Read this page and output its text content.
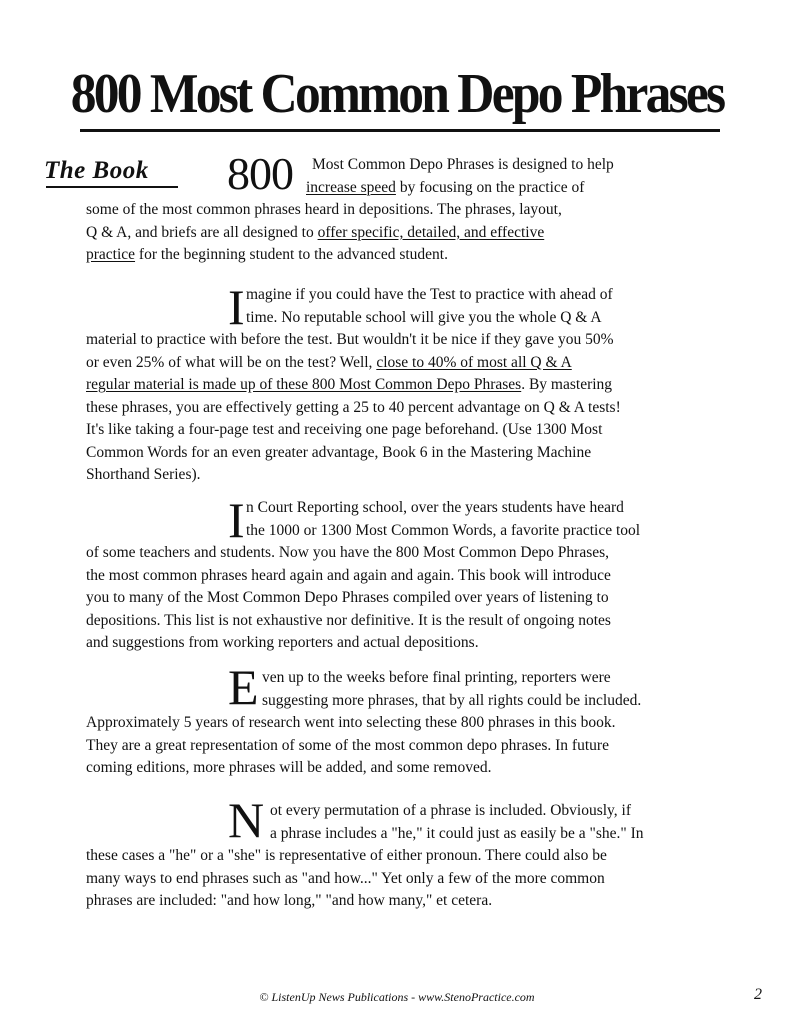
800 Most Common Depo Phrases
The Book 800	Most Common Depo Phrases is designed to help
increase speed by focusing on the practice of
some of the most common phrases heard in depositions. The phrases, layout,
Q & A, and briefs are all designed to offer specific, detailed, and effective
practice for the beginning student to the advanced student.
I magine if you could have the Test to practice with ahead of
time. No reputable school will give you the whole Q & A
material to practice with before the test. But wouldn't it be nice if they gave you 50%
or even 25% of what will be on the test? Well, close to 40% of most all Q & A
regular material is made up of these 800 Most Common Depo Phrases. By mastering
these phrases, you are effectively getting a 25 to 40 percent advantage on Q & A tests!
It's like taking a four-page test and receiving one page beforehand. (Use 1300 Most
Common Words for an even greater advantage, Book 6 in the Mastering Machine
Shorthand Series).
I n Court Reporting school, over the years students have heard
the 1000 or 1300 Most Common Words, a favorite practice tool
of some teachers and students. Now you have the 800 Most Common Depo Phrases,
the most common phrases heard again and again and again. This book will introduce
you to many of the Most Common Depo Phrases compiled over years of listening to
depositions. This list is not exhaustive nor definitive. It is the result of ongoing notes
and suggestions from working reporters and actual depositions.
E ven up to the weeks before final printing, reporters were
suggesting more phrases, that by all rights could be included.
Approximately 5 years of research went into selecting these 800 phrases in this book.
They are a great representation of some of the most common depo phrases. In future
coming editions, more phrases will be added, and some removed.
N ot every permutation of a phrase is included. Obviously, if
a phrase includes a "he," it could just as easily be a "she." In
these cases a "he" or a "she" is representative of either pronoun. There could also be
many ways to end phrases such as "and how..." Yet only a few of the more common
phrases are included: "and how long," "and how many," et cetera.
© ListenUp News Publications - www.StenoPractice.com	2
